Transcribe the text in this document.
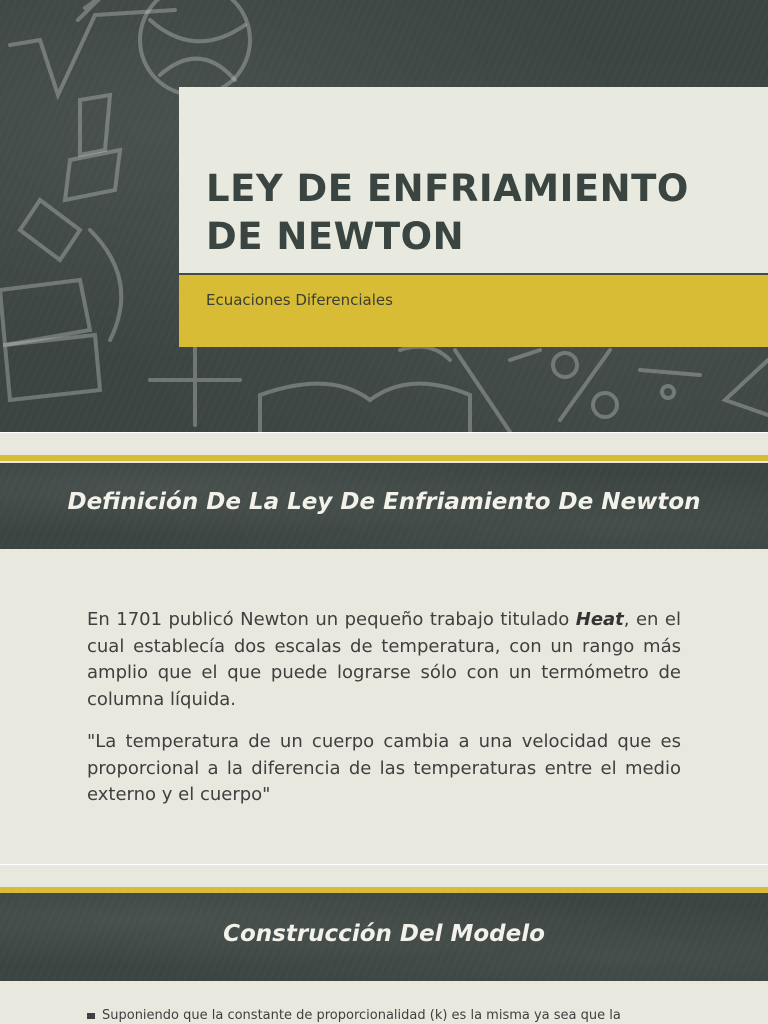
LEY DE ENFRIAMIENTO DE NEWTON
Ecuaciones Diferenciales
Definición De La Ley De Enfriamiento De Newton

En 1701 publicó Newton un pequeño trabajo titulado Heat, en el cual establecía dos escalas de temperatura, con un rango más amplio que el que puede lograrse sólo con un termómetro de columna líquida.

"La temperatura de un cuerpo cambia a una velocidad que es proporcional a la diferencia de las temperaturas entre el medio externo y el cuerpo"

Construcción Del Modelo
Suponiendo que la constante de proporcionalidad (k) es la misma ya sea que la
